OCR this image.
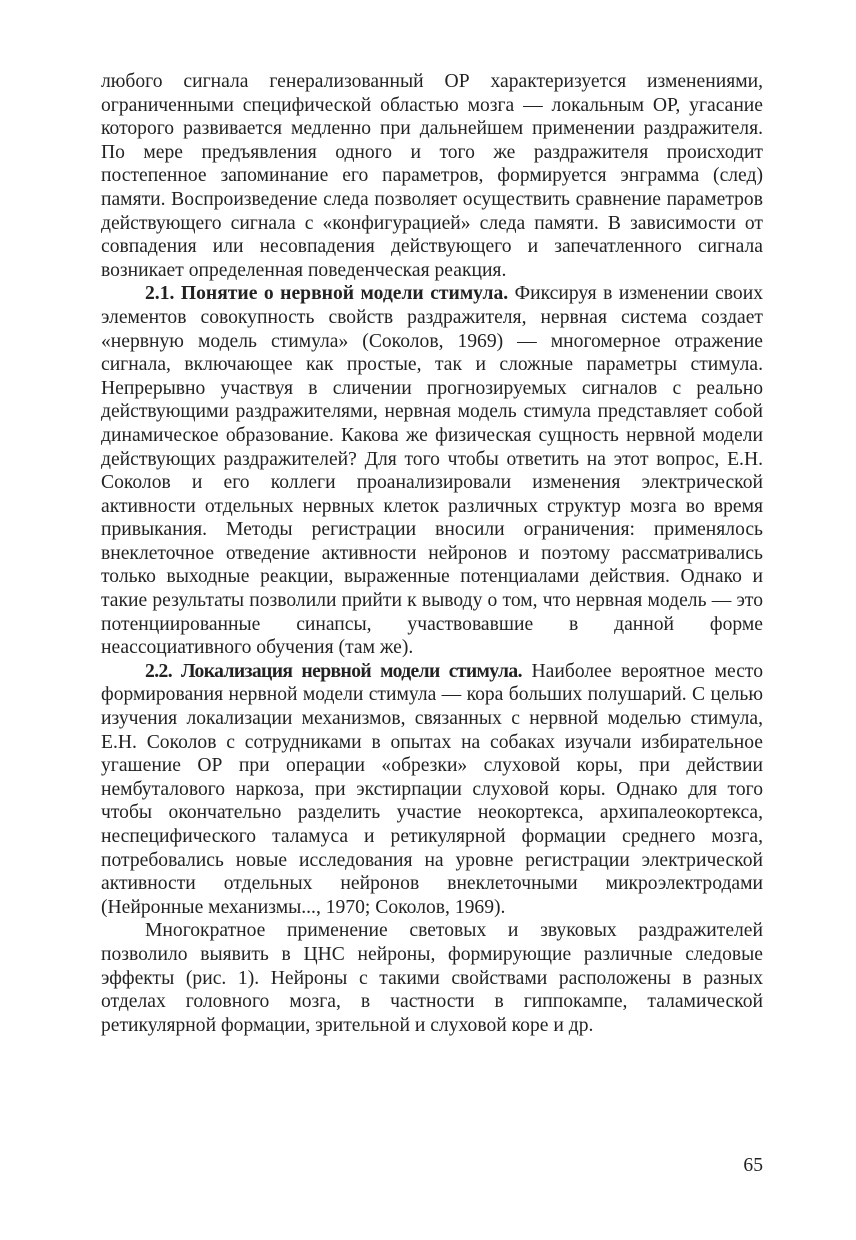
любого сигнала генерализованный ОР характеризуется изменениями, ограниченными специфической областью мозга — локальным ОР, угасание которого развивается медленно при дальнейшем применении раздражителя. По мере предъявления одного и того же раздражителя происходит постепенное запоминание его параметров, формируется энграмма (след) памяти. Воспроизведение следа позволяет осуществить сравнение параметров действующего сигнала с «конфигурацией» следа памяти. В зависимости от совпадения или несовпадения действующего и запечатленного сигнала возникает определенная поведенческая реакция.

2.1. Понятие о нервной модели стимула. Фиксируя в изменении своих элементов совокупность свойств раздражителя, нервная система создает «нервную модель стимула» (Соколов, 1969) — многомерное отражение сигнала, включающее как простые, так и сложные параметры стимула. Непрерывно участвуя в сличении прогнозируемых сигналов с реально действующими раздражителями, нервная модель стимула представляет собой динамическое образование. Какова же физическая сущность нервной модели действующих раздражителей? Для того чтобы ответить на этот вопрос, Е.Н. Соколов и его коллеги проанализировали изменения электрической активности отдельных нервных клеток различных структур мозга во время привыкания. Методы регистрации вносили ограничения: применялось внеклеточное отведение активности нейронов и поэтому рассматривались только выходные реакции, выраженные потенциалами действия. Однако и такие результаты позволили прийти к выводу о том, что нервная модель — это потенциированные синапсы, участвовавшие в данной форме неассоциативного обучения (там же).

2.2. Локализация нервной модели стимула. Наиболее вероятное место формирования нервной модели стимула — кора больших полушарий. С целью изучения локализации механизмов, связанных с нервной моделью стимула, Е.Н. Соколов с сотрудниками в опытах на собаках изучали избирательное угашение ОР при операции «обрезки» слуховой коры, при действии нембуталового наркоза, при экстирпации слуховой коры. Однако для того чтобы окончательно разделить участие неокортекса, архипалеокортекса, неспецифического таламуса и ретикулярной формации среднего мозга, потребовались новые исследования на уровне регистрации электрической активности отдельных нейронов внеклеточными микроэлектродами (Нейронные механизмы..., 1970; Соколов, 1969).

Многократное применение световых и звуковых раздражителей позволило выявить в ЦНС нейроны, формирующие различные следовые эффекты (рис. 1). Нейроны с такими свойствами расположены в разных отделах головного мозга, в частности в гиппокампе, таламической ретикулярной формации, зрительной и слуховой коре и др.

65
